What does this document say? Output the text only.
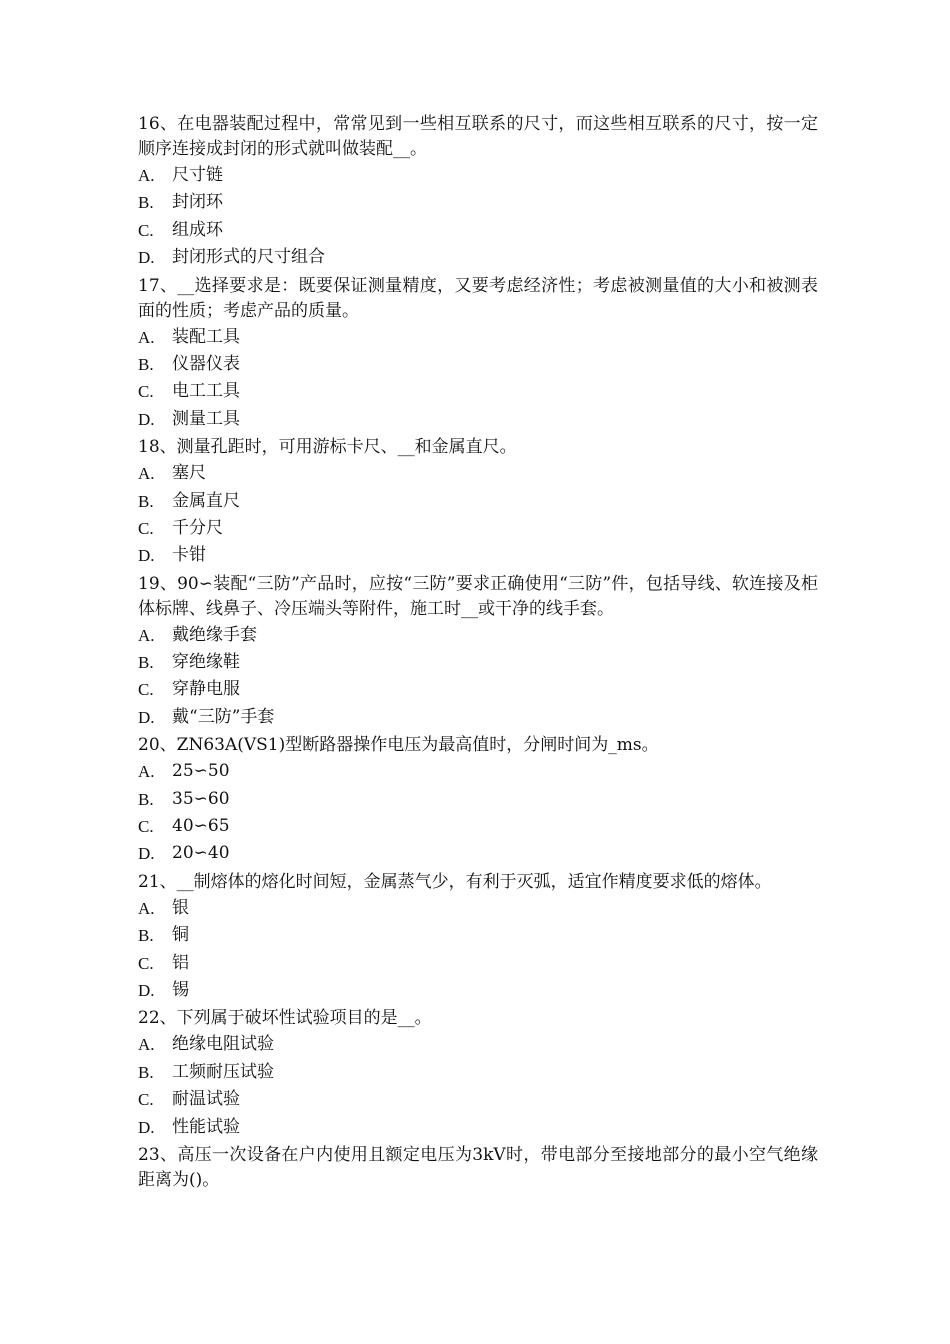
16、在电器装配过程中，常常见到一些相互联系的尺寸，而这些相互联系的尺寸，按一定顺序连接成封闭的形式就叫做装配__。

A.	尺寸链
B.	封闭环
C.	组成环
D.	封闭形式的尺寸组合

17、__选择要求是：既要保证测量精度，又要考虑经济性；考虑被测量值的大小和被测表面的性质；考虑产品的质量。

A.	装配工具
B.	仪器仪表
C.	电工工具
D.	测量工具

18、测量孔距时，可用游标卡尺、__和金属直尺。

A.	塞尺
B.	金属直尺
C.	千分尺
D.	卡钳

19、90∽装配“三防”产品时，应按“三防”要求正确使用“三防”件，包括导线、软连接及柜体标牌、线鼻子、冷压端头等附件，施工时__或干净的线手套。

A.	戴绝缘手套
B.	穿绝缘鞋
C.	穿静电服
D.	戴“三防”手套

20、ZN63A(VS1)型断路器操作电压为最高值时，分闸时间为_ms。

A.	25∽50
B.	35∽60
C.	40∽65
D.	20∽40

21、__制熔体的熔化时间短，金属蒸气少，有利于灭弧，适宜作精度要求低的熔体。

A.	银
B.	铜
C.	铝
D.	锡

22、下列属于破坏性试验项目的是__。

A.	绝缘电阻试验
B.	工频耐压试验
C.	耐温试验
D.	性能试验

23、高压一次设备在户内使用且额定电压为3kV时，带电部分至接地部分的最小空气绝缘距离为()。
